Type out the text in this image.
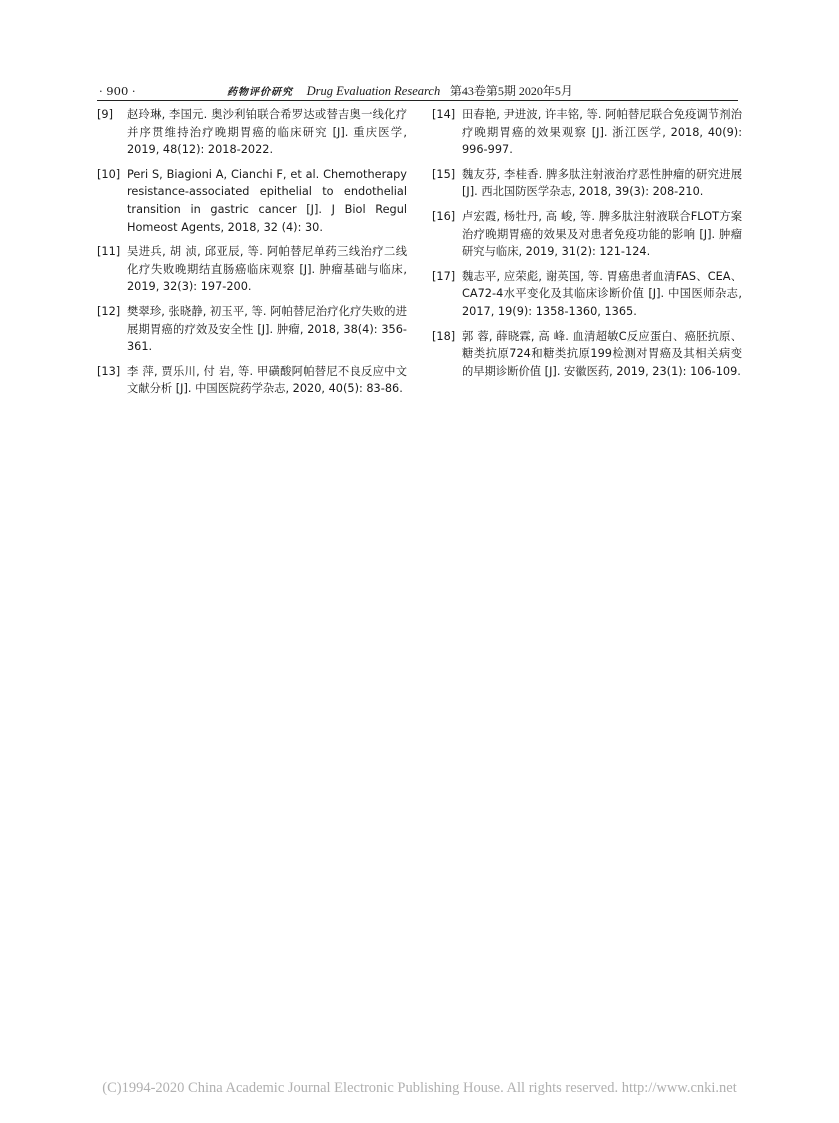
· 900 ·	药物评价研究 Drug Evaluation Research 第43卷第5期 2020年5月
[9] 赵玲琳, 李国元. 奥沙利铂联合希罗达或替吉奥一线化疗并序贯维持治疗晚期胃癌的临床研究 [J]. 重庆医学, 2019, 48(12): 2018-2022.
[10] Peri S, Biagioni A, Cianchi F, et al. Chemotherapy resistance-associated epithelial to endothelial transition in gastric cancer [J]. J Biol Regul Homeost Agents, 2018, 32 (4): 30.
[11] 吴进兵, 胡 浈, 邱亚辰, 等. 阿帕替尼单药三线治疗二线化疗失败晚期结直肠癌临床观察 [J]. 肿瘤基础与临床, 2019, 32(3): 197-200.
[12] 樊翠珍, 张晓静, 初玉平, 等. 阿帕替尼治疗化疗失败的进展期胃癌的疗效及安全性 [J]. 肿瘤, 2018, 38(4): 356-361.
[13] 李 萍, 贾乐川, 付 岩, 等. 甲磺酸阿帕替尼不良反应中文文献分析 [J]. 中国医院药学杂志, 2020, 40(5): 83-86.
[14] 田春艳, 尹进波, 许丰铭, 等. 阿帕替尼联合免疫调节剂治疗晚期胃癌的效果观察 [J]. 浙江医学, 2018, 40(9): 996-997.
[15] 魏友芬, 李桂香. 脾多肽注射液治疗恶性肿瘤的研究进展 [J]. 西北国防医学杂志, 2018, 39(3): 208-210.
[16] 卢宏霞, 杨牡丹, 高 峻, 等. 脾多肽注射液联合FLOT方案治疗晚期胃癌的效果及对患者免疫功能的影响 [J]. 肿瘤研究与临床, 2019, 31(2): 121-124.
[17] 魏志平, 应荣彪, 谢英国, 等. 胃癌患者血清FAS、CEA、CA72-4水平变化及其临床诊断价值 [J]. 中国医师杂志, 2017, 19(9): 1358-1360, 1365.
[18] 郭 蓉, 薛晓霖, 高 峰. 血清超敏C反应蛋白、癌胚抗原、糖类抗原724和糖类抗原199检测对胃癌及其相关病变的早期诊断价值 [J]. 安徽医药, 2019, 23(1): 106-109.
(C)1994-2020 China Academic Journal Electronic Publishing House. All rights reserved. http://www.cnki.net
